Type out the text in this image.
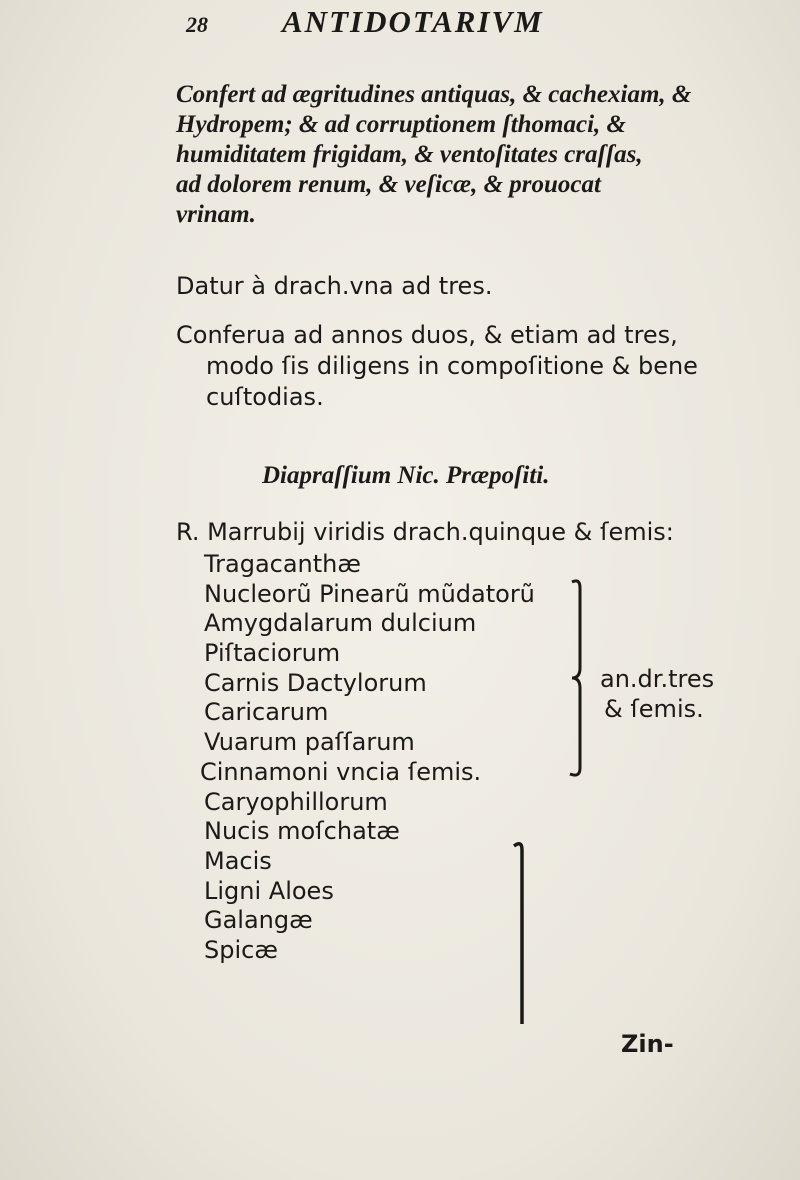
28 ANTIDOTARIVM

Confert ad ægritudines antiquas, & cachexiam, &
Hydropem; & ad corruptionem ſthomaci, &
humiditatem frigidam, & ventoſitates craſſas,
ad dolorem renum, & veſicæ, & prouocat
vrinam.

Datur à drach.vna ad tres.
Conferua ad annos duos, & etiam ad tres,
modo ſis diligens in compoſitione & bene
cuſtodias.
Diapraſſium Nic. Præpoſiti.
R. Marrubij viridis drach.quinque & ſemis:
Tragacanthæ
Nucleorũ Pinearũ mũdatorũ
Amygdalarum dulcium
Piſtaciorum
Carnis Dactylorum
Caricarum
Vuarum paſſarum
Cinnamoni vncia ſemis.
Caryophillorum
Nucis moſchatæ
Macis
Ligni Aloes
Galangæ
Spicæ
an.dr.tres
& ſemis.
Zin-
